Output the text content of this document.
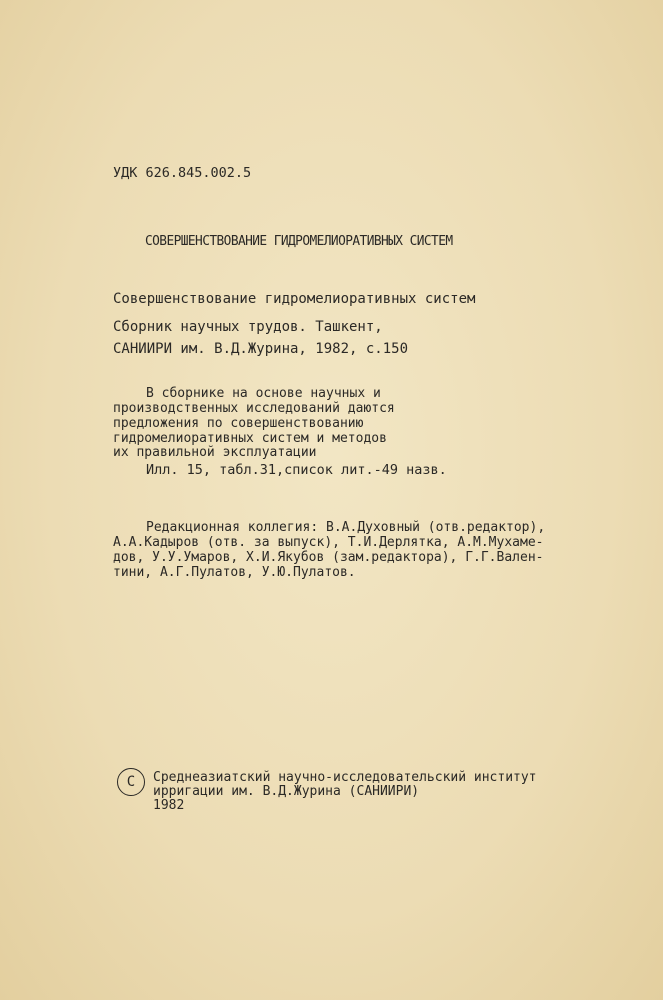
УДК 626.845.002.5
СОВЕРШЕНСТВОВАНИЕ ГИДРОМЕЛИОРАТИВНЫХ СИСТЕМ
Совершенствование гидромелиоративных систем
Сборник научных трудов. Ташкент,
САНИИРИ им. В.Д.Журина, 1982, с.150
В сборнике на основе научных и
производственных исследований даются
предложения по совершенствованию
гидромелиоративных систем и методов
их правильной эксплуатации
Илл. 15, табл.31,список лит.-49 назв.
Редакционная коллегия: В.А.Духовный (отв.редактор),
А.А.Кадыров (отв. за выпуск), Т.И.Дерлятка, А.М.Мухаме-
дов, У.У.Умаров, Х.И.Якубов (зам.редактора), Г.Г.Вален-
тини, А.Г.Пулатов, У.Ю.Пулатов.
С	Среднеазиатский научно-исследовательский институт
ирригации им. В.Д.Журина (САНИИРИ)
1982
